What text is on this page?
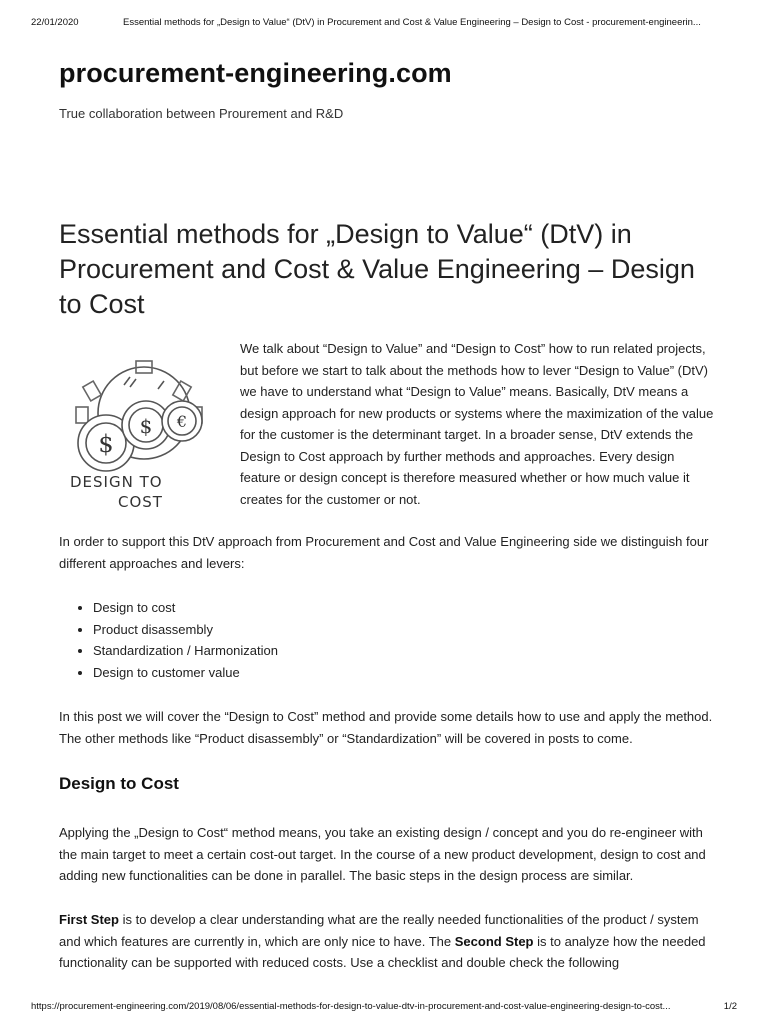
22/01/2020	Essential methods for „Design to Value“ (DtV) in Procurement and Cost & Value Engineering – Design to Cost - procurement-engineerin...
procurement-engineering.com
True collaboration between Prourement and R&D
Essential methods for „Design to Value“ (DtV) in Procurement and Cost & Value Engineering – Design to Cost
$
$ €
DESIGN TO
COST

We talk about “Design to Value” and “Design to Cost” how to run related projects, but before we start to talk about the methods how to lever “Design to Value” (DtV) we have to understand what “Design to Value” means. Basically, DtV means a design approach for new products or systems where the maximization of the value for the customer is the determinant target. In a broader sense, DtV extends the Design to Cost approach by further methods and approaches. Every design feature or design concept is therefore measured whether or how much value it creates for the customer or not.

In order to support this DtV approach from Procurement and Cost and Value Engineering side we distinguish four different approaches and levers:

• Design to cost
• Product disassembly
• Standardization / Harmonization
• Design to customer value

In this post we will cover the “Design to Cost” method and provide some details how to use and apply the method. The other methods like “Product disassembly” or “Standardization” will be covered in posts to come.

Design to Cost

Applying the „Design to Cost“ method means, you take an existing design / concept and you do re-engineer with the main target to meet a certain cost-out target. In the course of a new product development, design to cost and adding new functionalities can be done in parallel. The basic steps in the design process are similar.

First Step is to develop a clear understanding what are the really needed functionalities of the product / system and which features are currently in, which are only nice to have. The Second Step is to analyze how the needed functionality can be supported with reduced costs. Use a checklist and double check the following

https://procurement-engineering.com/2019/08/06/essential-methods-for-design-to-value-dtv-in-procurement-and-cost-value-engineering-design-to-cost...	1/2
